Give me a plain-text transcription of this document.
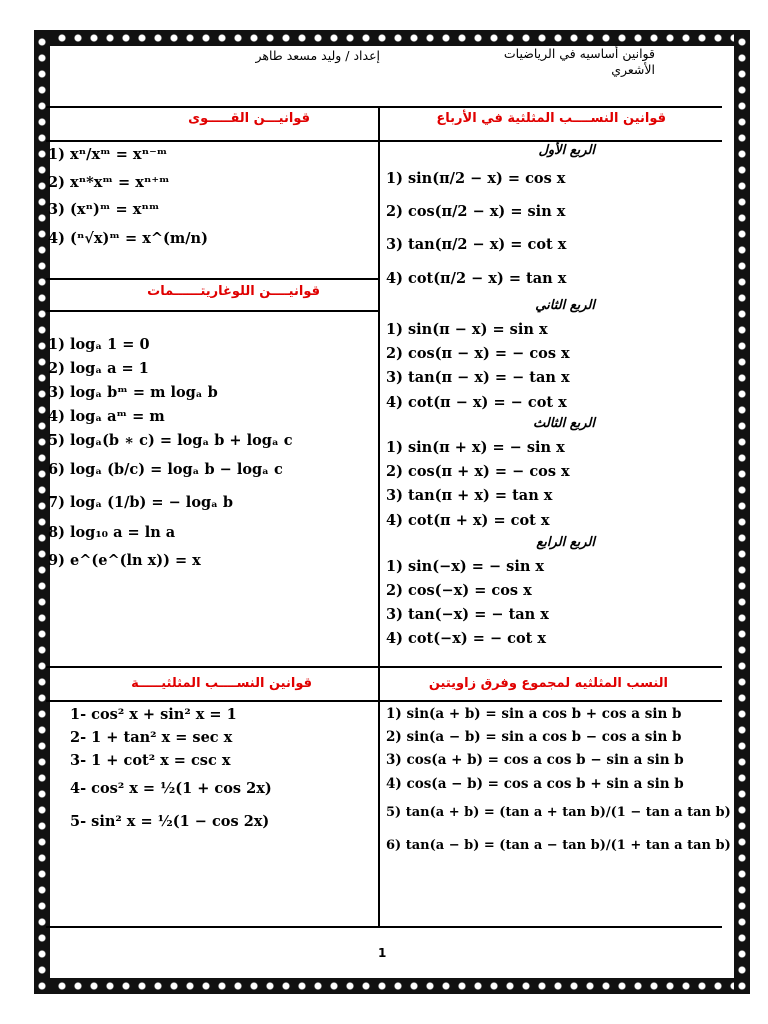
إعداد / وليد مسعد طاهر	قوانين أساسيه في الرياضيات
الأشعري
قوانيـــن القـــــوى	قوانين النســــب المثلثية في الأرباع
قوانيــــن اللوغاريتــــــمات
قوانين النســــب المثلثيـــــة	النسب المثلثيه لمجموع وفرق زاويتين
1) xⁿ/xᵐ = xⁿ⁻ᵐ
2) xⁿ*xᵐ = xⁿ⁺ᵐ
3) (xⁿ)ᵐ = xⁿᵐ
4) (ⁿ√x)ᵐ = x^(m/n)
1) logₐ 1 = 0
2) logₐ a = 1
3) logₐ bᵐ = m logₐ b
4) logₐ aᵐ = m
5) logₐ(b ∗ c) = logₐ b + logₐ c
6) logₐ (b/c) = logₐ b − logₐ c
7) logₐ (1/b) = − logₐ b
8) log₁₀ a = ln a
9) e^(e^(ln x)) = x
الربع الأول
1) sin(π/2 − x) = cos x
2) cos(π/2 − x) = sin x
3) tan(π/2 − x) = cot x
4) cot(π/2 − x) = tan x
الربع الثاني
1) sin(π − x) = sin x
2) cos(π − x) = − cos x
3) tan(π − x) = − tan x
4) cot(π − x) = − cot x
الربع الثالث
1) sin(π + x) = − sin x
2) cos(π + x) = − cos x
3) tan(π + x) = tan x
4) cot(π + x) = cot x
الربع الرابع
1) sin(−x) = − sin x
2) cos(−x) = cos x
3) tan(−x) = − tan x
4) cot(−x) = − cot x
1- cos² x + sin² x = 1
2- 1 + tan² x = sec x
3- 1 + cot² x = csc x
4- cos² x = ½(1 + cos 2x)
5- sin² x = ½(1 − cos 2x)
1) sin(a + b) = sin a cos b + cos a sin b
2) sin(a − b) = sin a cos b − cos a sin b
3) cos(a + b) = cos a cos b − sin a sin b
4) cos(a − b) = cos a cos b + sin a sin b
5) tan(a + b) = (tan a + tan b)/(1 − tan a tan b)
6) tan(a − b) = (tan a − tan b)/(1 + tan a tan b)
1
